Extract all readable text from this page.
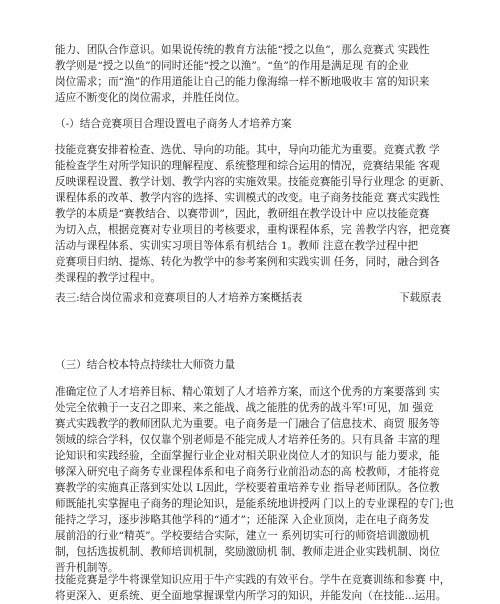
能力、团队合作意识。如果说传统的教育方法能“授之以鱼”，那么竞赛式 实践性
教学则是“授之以鱼”的同时还能“授之以渔”。“鱼”的作用是满足现 有的企业
岗位需求；而“渔”的作用道能让自己的能力像海绵一样不断地吸收丰 富的知识来
适应不断变化的岗位需求，并胜任岗位。
（-）结合竞赛项目合理设置电子商务人才培养方案
技能竞赛安排着检查、选优、导向的功能。其中，导向功能尤为重要。竞赛式教 学
能检查学生对所学知识的理解程度、系统整理和综合运用的情况，竞赛结果能 客观
反映课程设置、教学计划、教学内容的实施效果。技能竞赛能引导行业理念 的更新、
课程体系的改革、教学内容的选择、实训模式的改变。电子商务技能竞 赛式实践性
教学的本质是“赛教结合、以赛带训”，因此，教研组在教学设计中 应以技能竞赛
为切入点，根据竞赛对专业项目的考核要求，重构课程体系，完 善教学内容，把竞赛
活动与课程体系、实训实习项目等体系有机结合 1。教师 注意在教学过程中把
竞赛项目归纳、提炼、转化为教学中的参考案例和实践实训 任务，同时，融合到各
类课程的教学过程中。
表三:结合岗位需求和竞赛项目的人才培养方案概括表	下载原表
（三）结合校本特点持续壮大师资力量
准确定位了人才培养目标、精心策划了人才培养方案，而这个优秀的方案要落到 实
处完全依赖于一支召之即来、来之能战、战之能胜的优秀的战斗军!可见，加 强竞
赛式实践教学的教师团队尤为重要。电子商务是一门融合了信息技术、商贸 服务等
领域的综合学科，仅仅靠个别老师是不能完成人才培养任务的。只有具备 丰富的理
论知识和实践经验，全面掌握行业企业对相关职业岗位人才的知识与 能力要求，能
够深入研究电子商务专业课程体系和电子商务行业前沿动态的高 校教师，才能将竞
赛教学的实施真正落到实处以 L因此，学校要着重培养专业 指导老师团队。各位教
师既能扎实掌握电子商务的理论知识，是能系统地讲授两 门以上的专业课程的专门;也
能持之学习，逐步涉略其他学科的“通才”；还能深 入企业顶岗，走在电子商务发
展前沿的行业“精英”。学校要结合实际，建立一 系列切实可行的师资培训激励机
制，包括选拔机制、教师培训机制，奖励激励机 制、教师走进企业实践机制、岗位
晋升机制等。
技能竞赛是学牛将课堂知识应用于牛产实践的有效平台。学牛在竞赛训练和参赛 中，
将更深入、更系统、更全面地掌握课堂内所学习的知识，并能发向（在技能...运用。
